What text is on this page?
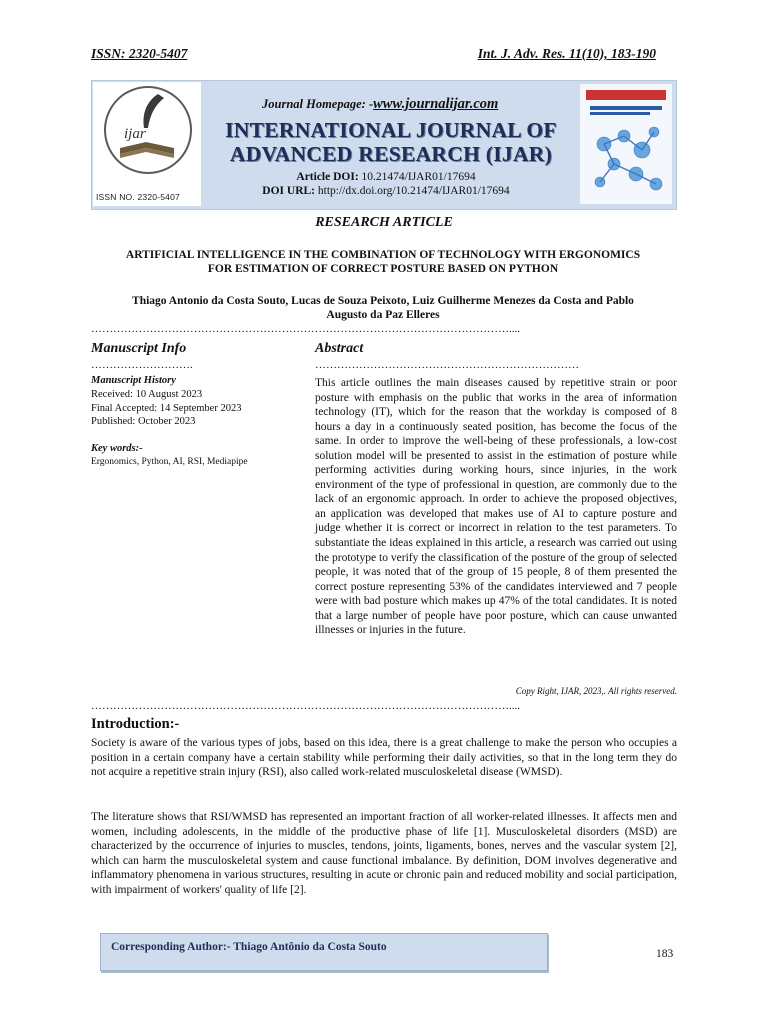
ISSN: 2320-5407	Int. J. Adv. Res. 11(10), 183-190
ijar
ISSN NO. 2320-5407
Journal Homepage: -www.journalijar.com
INTERNATIONAL JOURNAL OF
ADVANCED RESEARCH (IJAR)
Article DOI: 10.21474/IJAR01/17694
DOI URL: http://dx.doi.org/10.21474/IJAR01/17694
RESEARCH ARTICLE
ARTIFICIAL INTELLIGENCE IN THE COMBINATION OF TECHNOLOGY WITH ERGONOMICS
FOR ESTIMATION OF CORRECT POSTURE BASED ON PYTHON
Thiago Antonio da Costa Souto, Lucas de Souza Peixoto, Luiz Guilherme Menezes da Costa and Pablo
Augusto da Paz Elleres
……………………………………………………………………………………………………....
Manuscript Info
……………………….
Manuscript History
Received: 10 August 2023
Final Accepted: 14 September 2023
Published: October 2023
Key words:-
Ergonomics, Python, AI, RSI, Mediapipe
Abstract
………………………………………………………………
This article outlines the main diseases caused by repetitive strain or poor posture with emphasis on the public that works in the area of information technology (IT), which for the reason that the workday is composed of 8 hours a day in a continuously seated position, has become the focus of the same. In order to improve the well-being of these professionals, a low-cost solution model will be presented to assist in the estimation of posture while performing activities during working hours, since injuries, in the work environment of the type of professional in question, are commonly due to the lack of an ergonomic approach. In order to achieve the proposed objectives, an application was developed that makes use of AI to capture posture and judge whether it is correct or incorrect in relation to the test parameters. To substantiate the ideas explained in this article, a research was carried out using the prototype to verify the classification of the posture of the group of selected people, it was noted that of the group of 15 people, 8 of them presented the correct posture representing 53% of the candidates interviewed and 7 people were with bad posture which makes up 47% of the total candidates. It is noted that a large number of people have poor posture, which can cause unwanted illnesses or injuries in the future.
Copy Right, IJAR, 2023,. All rights reserved.
……………………………………………………………………………………………………....
Introduction:-
Society is aware of the various types of jobs, based on this idea, there is a great challenge to make the person who occupies a position in a certain company have a certain stability while performing their daily activities, so that in the long term they do not acquire a repetitive strain injury (RSI), also called work-related musculoskeletal disease (WMSD).
The literature shows that RSI/WMSD has represented an important fraction of all worker-related illnesses. It affects men and women, including adolescents, in the middle of the productive phase of life [1]. Musculoskeletal disorders (MSD) are characterized by the occurrence of injuries to muscles, tendons, joints, ligaments, bones, nerves and the vascular system [2], which can harm the musculoskeletal system and cause functional imbalance. By definition, DOM involves degenerative and inflammatory phenomena in various structures, resulting in acute or chronic pain and reduced mobility and social participation, with impairment of workers' quality of life [2].
Corresponding Author:- Thiago Antônio da Costa Souto
183
